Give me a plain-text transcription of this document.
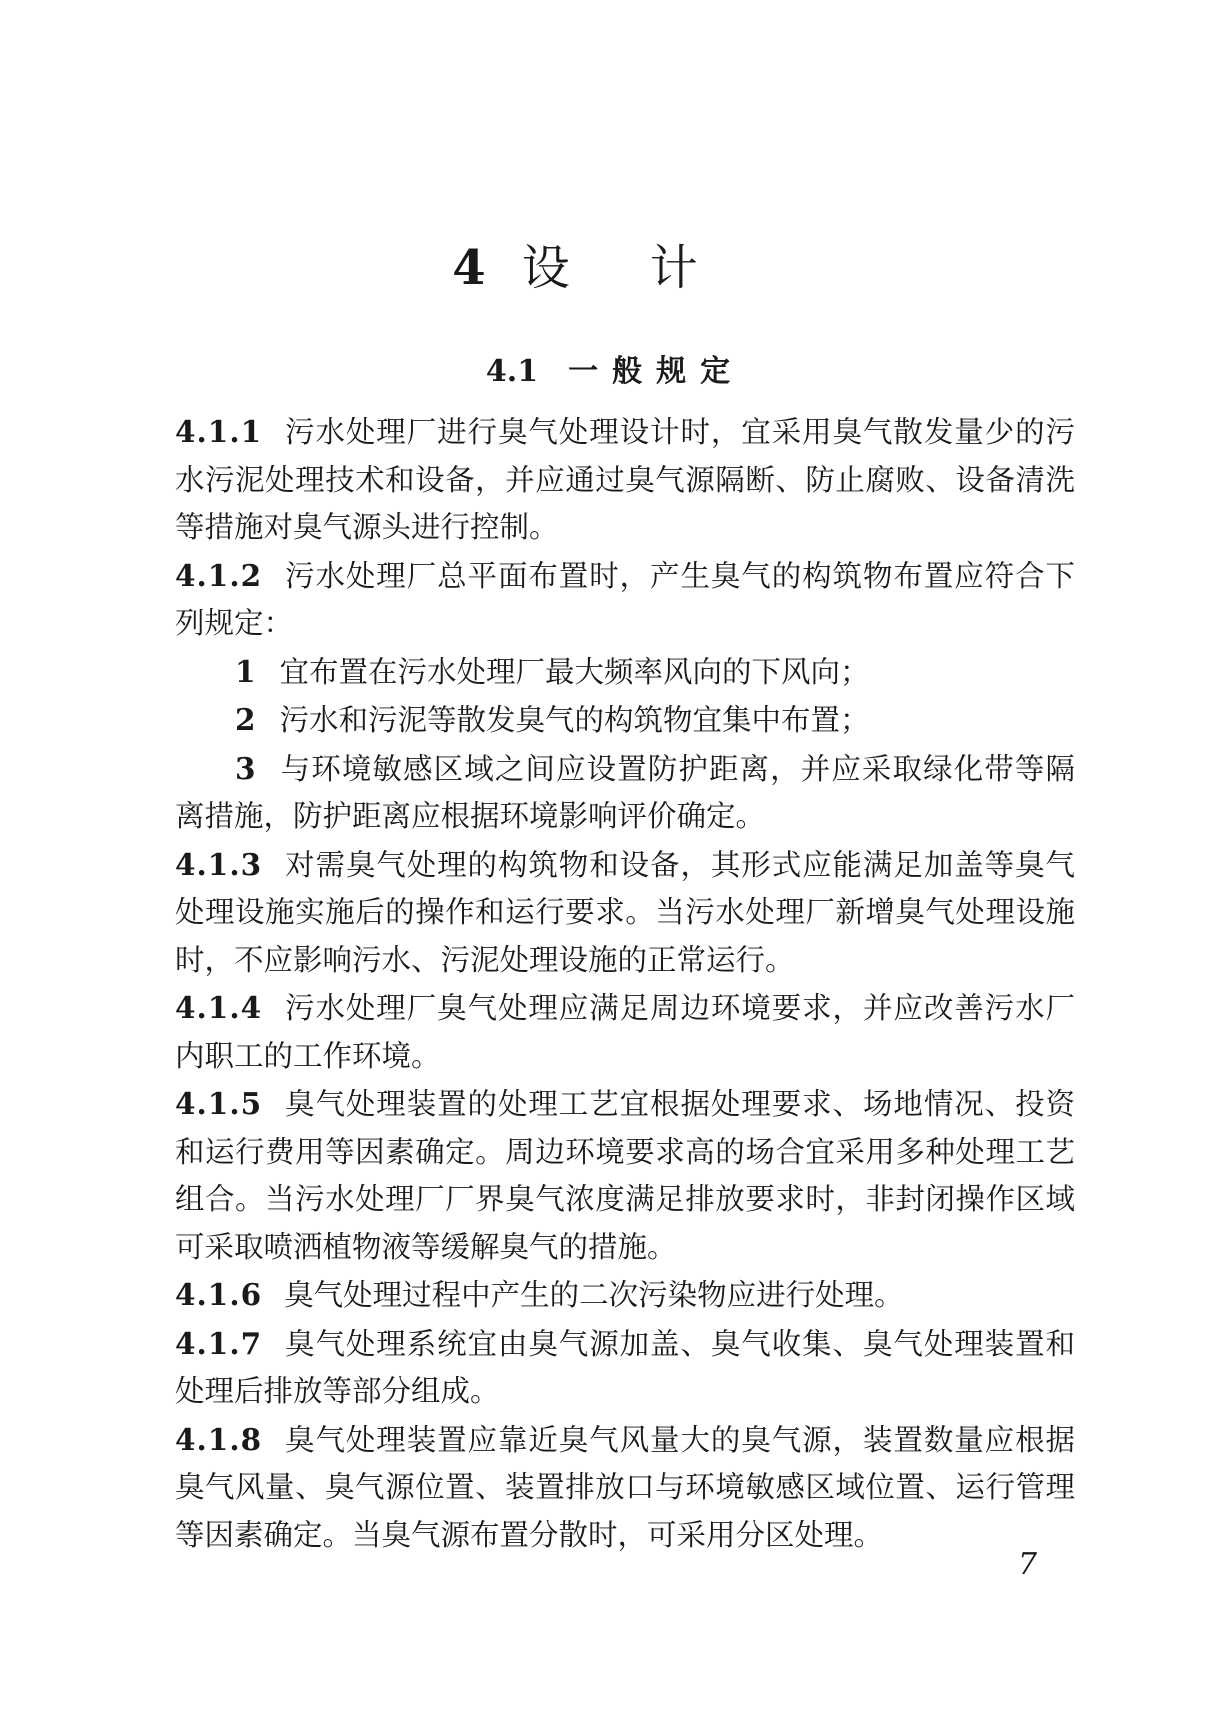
4 设计
4.1 一般规定

4.1.1 污水处理厂进行臭气处理设计时，宜采用臭气散发量少的污水污泥处理技术和设备，并应通过臭气源隔断、防止腐败、设备清洗等措施对臭气源头进行控制。

4.1.2 污水处理厂总平面布置时，产生臭气的构筑物布置应符合下列规定：

1 宜布置在污水处理厂最大频率风向的下风向；

2 污水和污泥等散发臭气的构筑物宜集中布置；

3 与环境敏感区域之间应设置防护距离，并应采取绿化带等隔离措施，防护距离应根据环境影响评价确定。

4.1.3 对需臭气处理的构筑物和设备，其形式应能满足加盖等臭气处理设施实施后的操作和运行要求。当污水处理厂新增臭气处理设施时，不应影响污水、污泥处理设施的正常运行。

4.1.4 污水处理厂臭气处理应满足周边环境要求，并应改善污水厂内职工的工作环境。

4.1.5 臭气处理装置的处理工艺宜根据处理要求、场地情况、投资和运行费用等因素确定。周边环境要求高的场合宜采用多种处理工艺组合。当污水处理厂厂界臭气浓度满足排放要求时，非封闭操作区域可采取喷洒植物液等缓解臭气的措施。

4.1.6 臭气处理过程中产生的二次污染物应进行处理。

4.1.7 臭气处理系统宜由臭气源加盖、臭气收集、臭气处理装置和处理后排放等部分组成。

4.1.8 臭气处理装置应靠近臭气风量大的臭气源，装置数量应根据臭气风量、臭气源位置、装置排放口与环境敏感区域位置、运行管理等因素确定。当臭气源布置分散时，可采用分区处理。

7
